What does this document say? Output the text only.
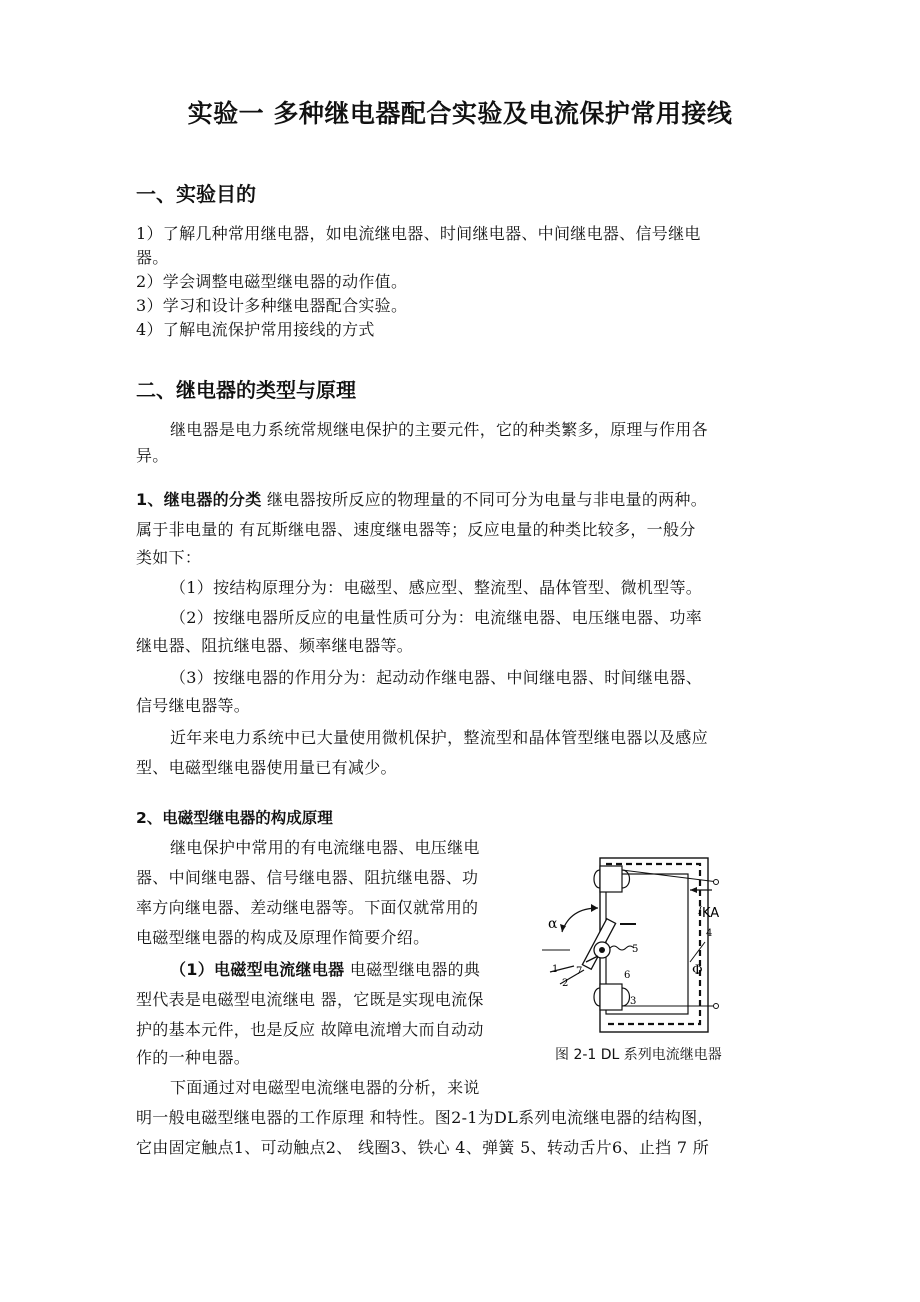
实验一 多种继电器配合实验及电流保护常用接线
一、实验目的
1）了解几种常用继电器，如电流继电器、时间继电器、中间继电器、信号继电
器。
2）学会调整电磁型继电器的动作值。
3）学习和设计多种继电器配合实验。
4）了解电流保护常用接线的方式
二、继电器的类型与原理
继电器是电力系统常规继电保护的主要元件，它的种类繁多，原理与作用各
异。
1、继电器的分类 继电器按所反应的物理量的不同可分为电量与非电量的两种。
属于非电量的 有瓦斯继电器、速度继电器等；反应电量的种类比较多，一般分
类如下：
（1）按结构原理分为：电磁型、感应型、整流型、晶体管型、微机型等。
（2）按继电器所反应的电量性质可分为：电流继电器、电压继电器、功率
继电器、阻抗继电器、频率继电器等。
（3）按继电器的作用分为：起动动作继电器、中间继电器、时间继电器、
信号继电器等。
近年来电力系统中已大量使用微机保护，整流型和晶体管型继电器以及感应
型、电磁型继电器使用量已有减少。
2、电磁型继电器的构成原理
继电保护中常用的有电流继电器、电压继电
器、中间继电器、信号继电器、阻抗继电器、功
率方向继电器、差动继电器等。下面仅就常用的
电磁型继电器的构成及原理作简要介绍。
（1）电磁型电流继电器 电磁型继电器的典
型代表是电磁型电流继电 器，它既是实现电流保
护的基本元件，也是反应 故障电流增大而自动动
作的一种电器。
下面通过对电磁型电流继电器的分析，来说
明一般电磁型继电器的工作原理 和特性。图2-1为DL系列电流继电器的结构图，
它由固定触点1、可动触点2、 线圈3、铁心 4、弹簧 5、转动舌片6、止挡 7 所
α
I KA
Φ
1
2
3
4
5
6
7
图 2-1 DL 系列电流继电器
